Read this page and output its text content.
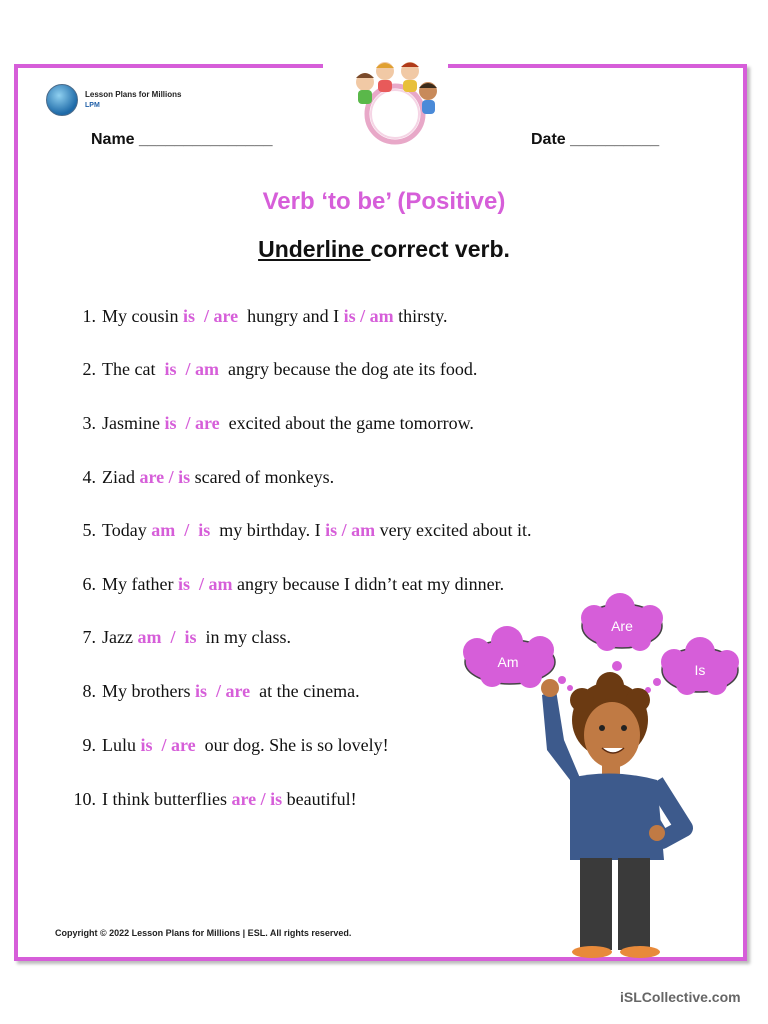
Lesson Plans for Millions
LPM
Name _______________	Date __________
Verb ‘to be’ (Positive)
Underline correct verb.
1. My cousin is  / are  hungry and I is / am thirsty.
2. The cat  is  / am  angry because the dog ate its food.
3. Jasmine is  / are  excited about the game tomorrow.
4. Ziad are / is scared of monkeys.
5. Today am  /  is  my birthday. I is / am very excited about it.
6. My father is  / am angry because I didn’t eat my dinner.
7. Jazz am  /  is  in my class.
8. My brothers is  / are  at the cinema.
9. Lulu is  / are  our dog. She is so lovely!
10. I think butterflies are / is beautiful!
Am
Are
Is
Copyright © 2022 Lesson Plans for Millions | ESL. All rights reserved.
iSLCollective.com
